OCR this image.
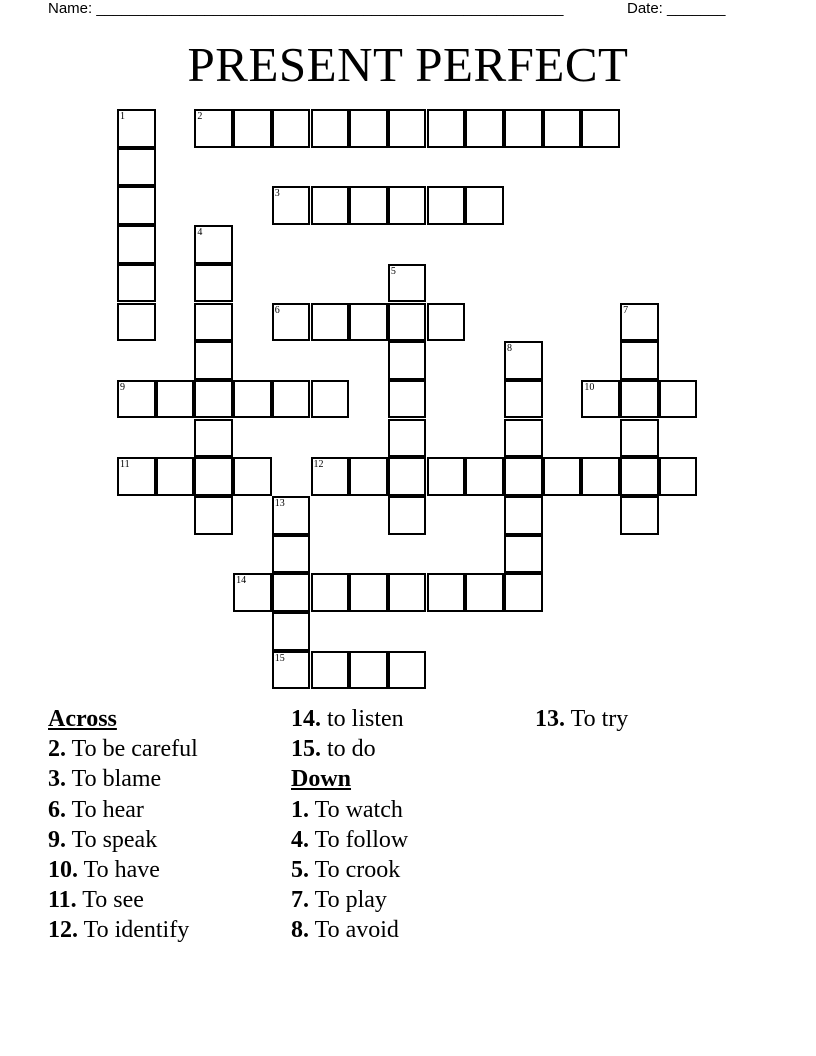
Name: ________________________________________________________	Date: _______
PRESENT PERFECT
1	2
3
4
5
6	7
8
9	10
11	12
13
15
14
Across
2. To be careful
3. To blame
6. To hear
9. To speak
10. To have
11. To see
12. To identify
14. to listen
15. to do
Down
1. To watch
4. To follow
5. To crook
7. To play
8. To avoid
13. To try
